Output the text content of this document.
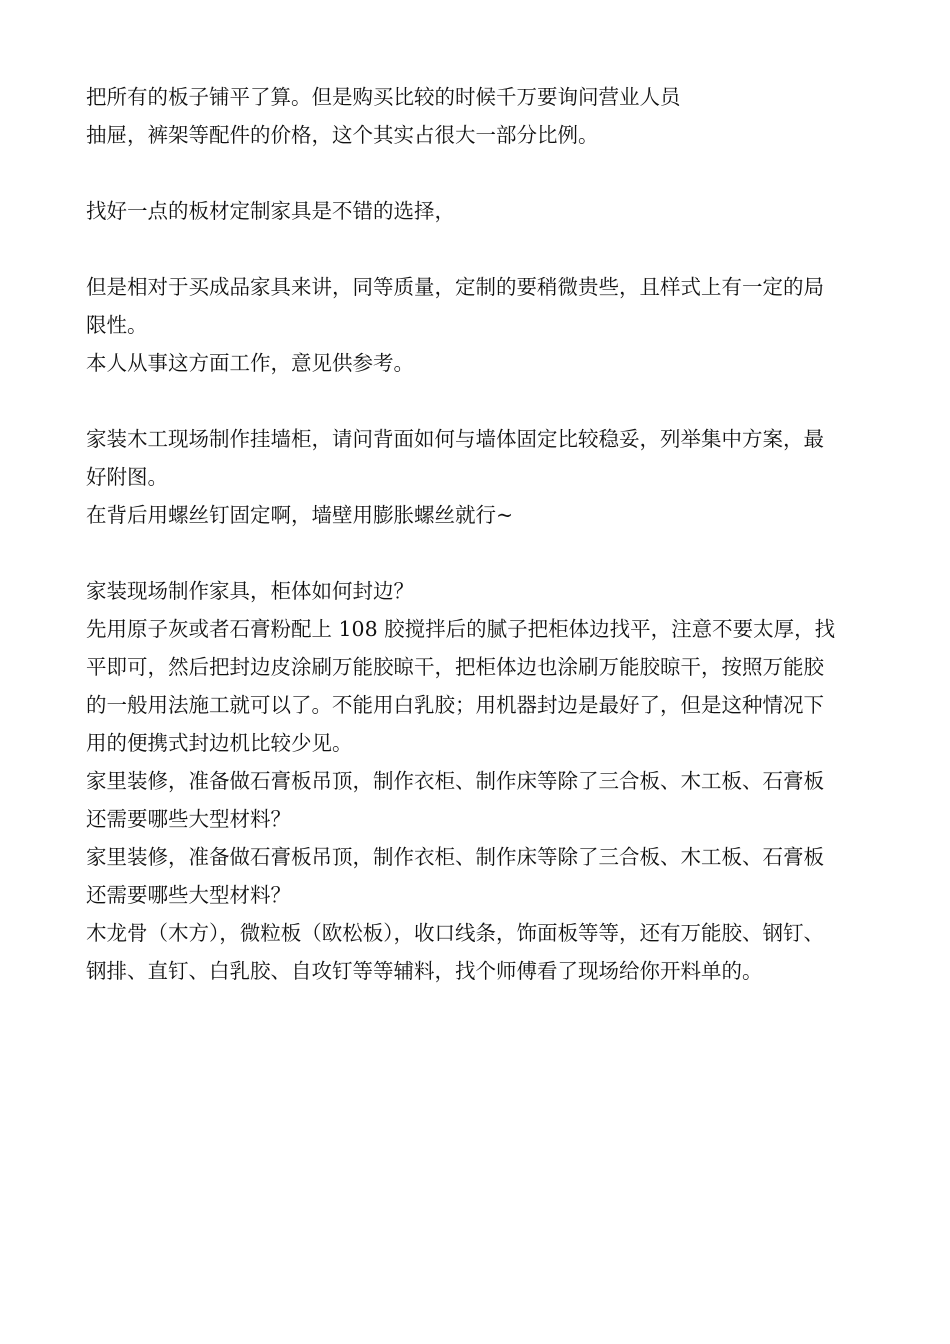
把所有的板子铺平了算。但是购买比较的时候千万要询问营业人员
抽屉，裤架等配件的价格，这个其实占很大一部分比例。
找好一点的板材定制家具是不错的选择，
但是相对于买成品家具来讲，同等质量，定制的要稍微贵些，且样式上有一定的局
限性。
本人从事这方面工作，意见供参考。
家装木工现场制作挂墙柜，请问背面如何与墙体固定比较稳妥，列举集中方案，最
好附图。
在背后用螺丝钉固定啊，墙壁用膨胀螺丝就行~
家装现场制作家具，柜体如何封边？
先用原子灰或者石膏粉配上 108 胶搅拌后的腻子把柜体边找平，注意不要太厚，找
平即可，然后把封边皮涂刷万能胶晾干，把柜体边也涂刷万能胶晾干，按照万能胶
的一般用法施工就可以了。不能用白乳胶；用机器封边是最好了，但是这种情况下
用的便携式封边机比较少见。
家里装修，准备做石膏板吊顶，制作衣柜、制作床等除了三合板、木工板、石膏板
还需要哪些大型材料？
家里装修，准备做石膏板吊顶，制作衣柜、制作床等除了三合板、木工板、石膏板
还需要哪些大型材料？
木龙骨（木方），微粒板（欧松板），收口线条，饰面板等等，还有万能胶、钢钉、
钢排、直钉、白乳胶、自攻钉等等辅料，找个师傅看了现场给你开料单的。
